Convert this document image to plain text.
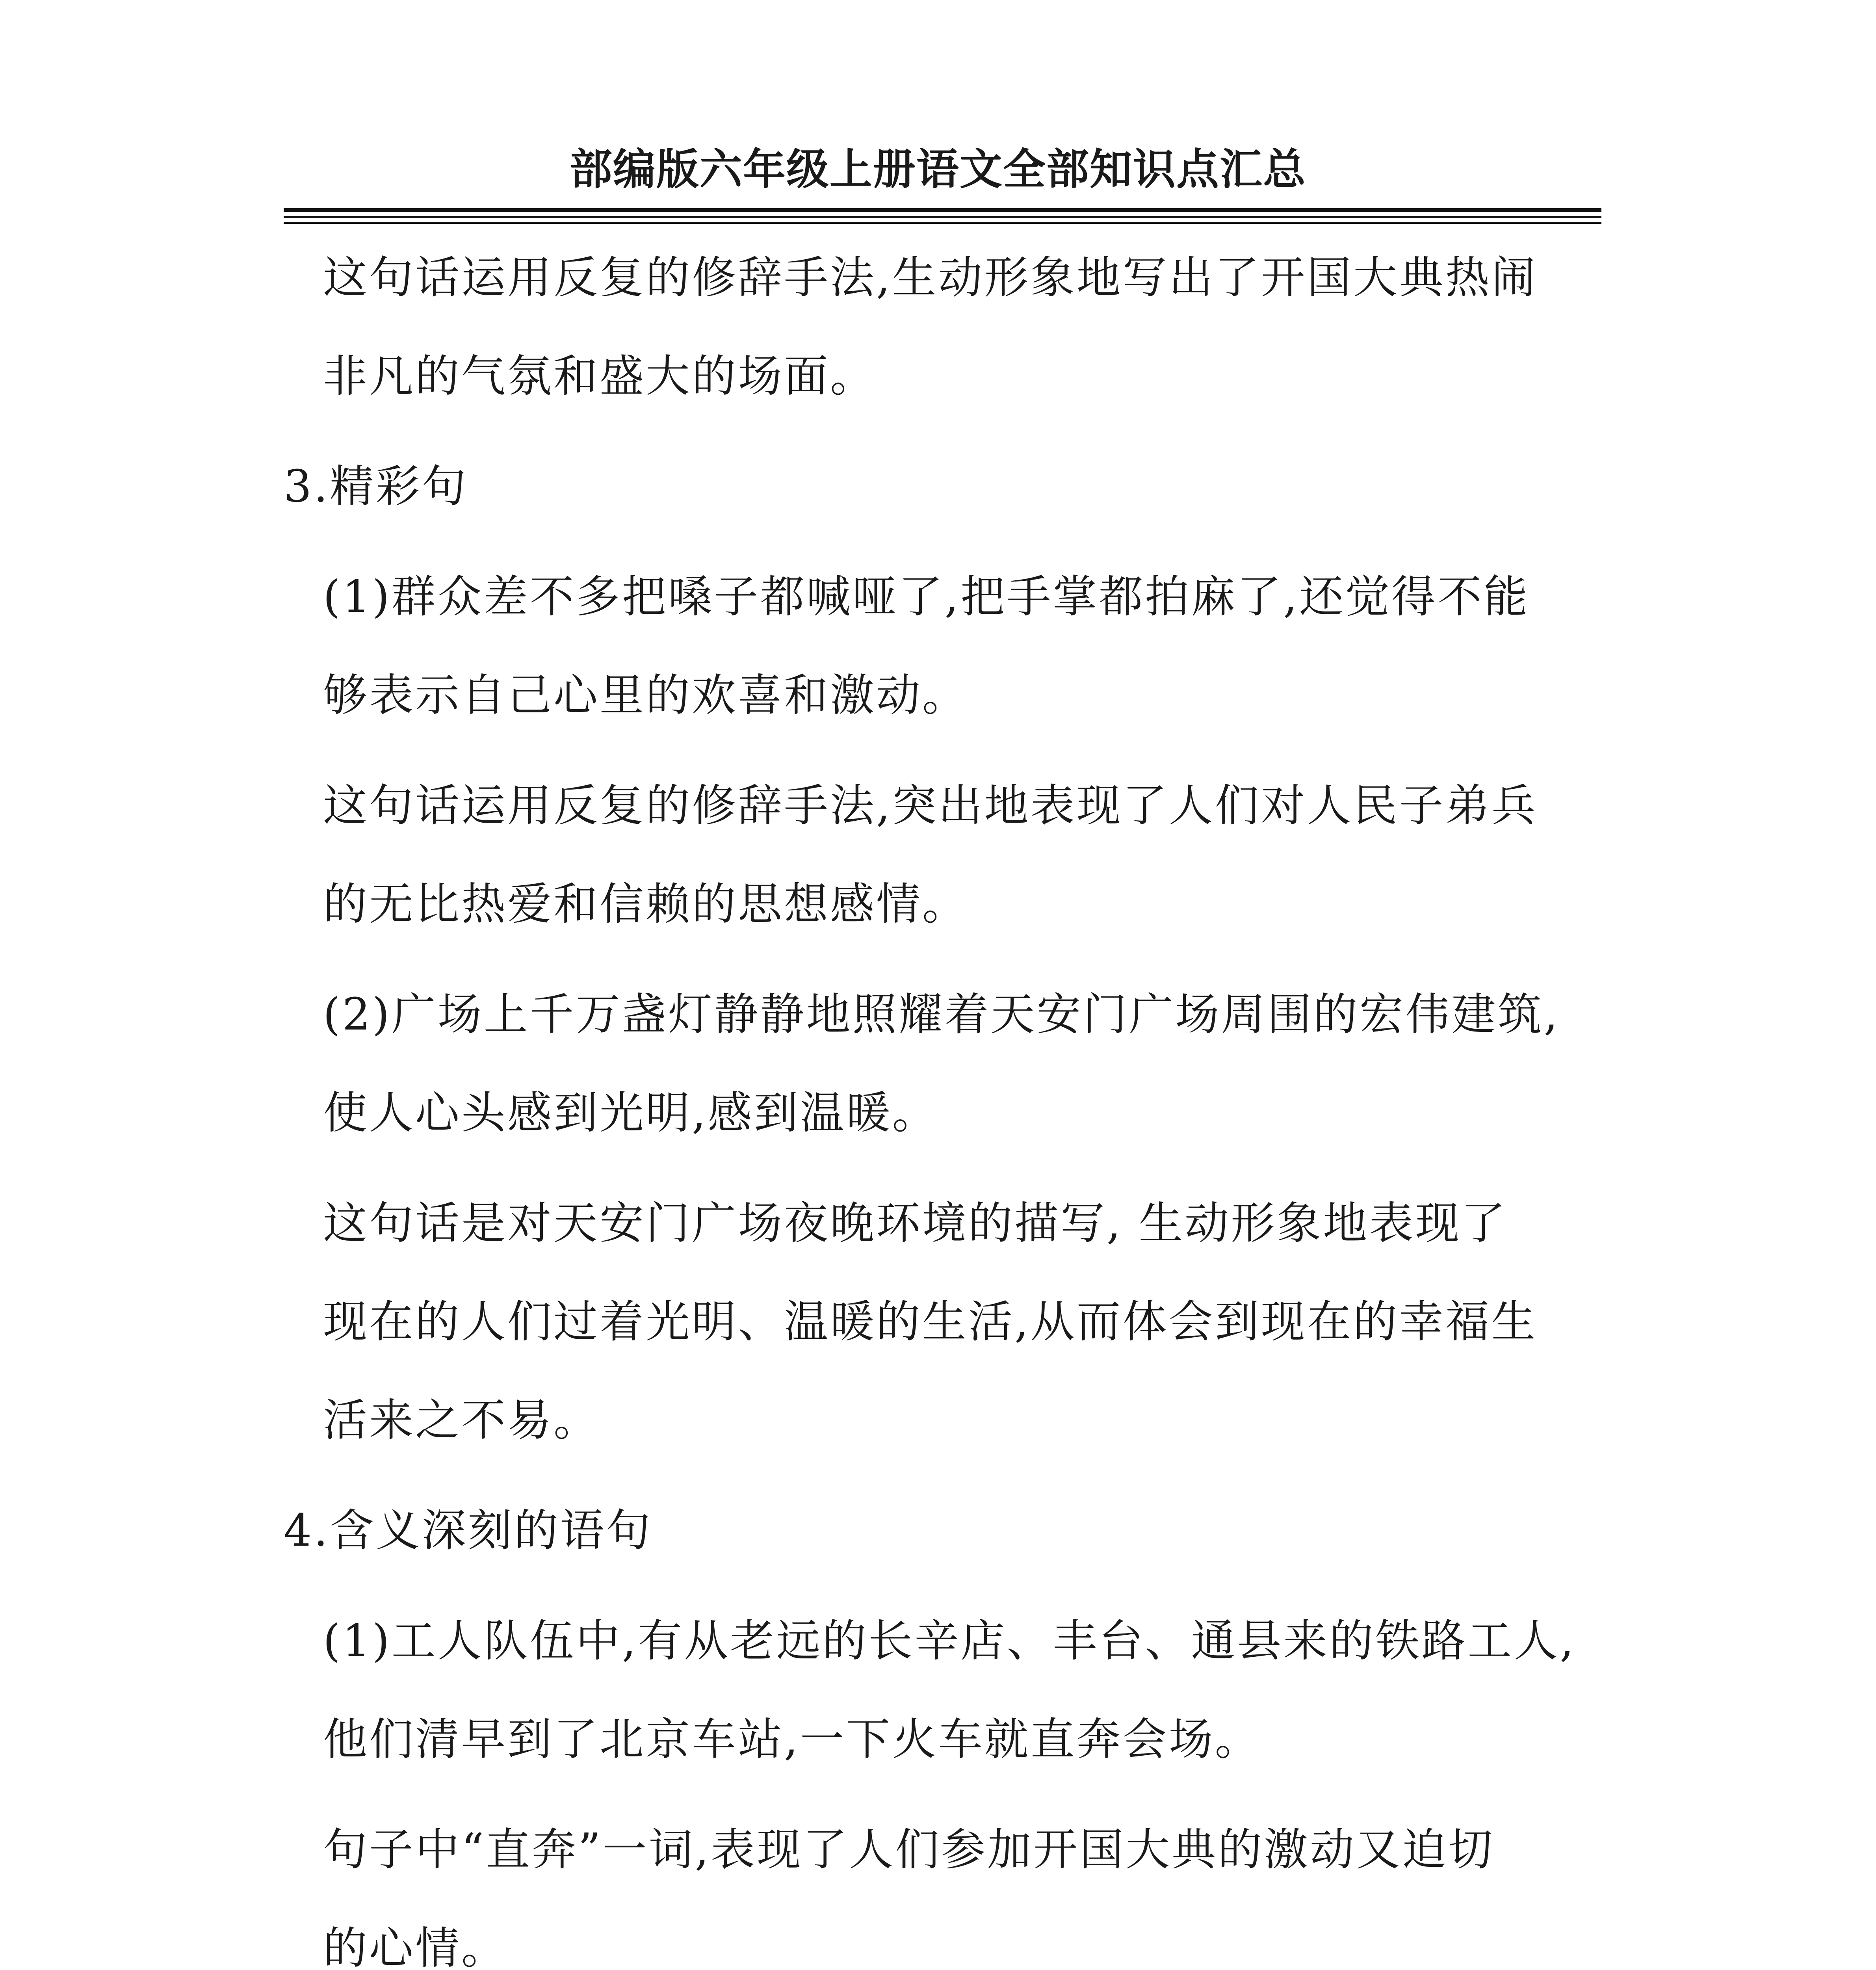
部编版六年级上册语文全部知识点汇总
这句话运用反复的修辞手法,生动形象地写出了开国大典热闹
非凡的气氛和盛大的场面。
3.精彩句
(1)群众差不多把嗓子都喊哑了,把手掌都拍麻了,还觉得不能
够表示自己心里的欢喜和激动。
这句话运用反复的修辞手法,突出地表现了人们对人民子弟兵
的无比热爱和信赖的思想感情。
(2)广场上千万盏灯静静地照耀着天安门广场周围的宏伟建筑,
使人心头感到光明,感到温暖。
这句话是对天安门广场夜晚环境的描写, 生动形象地表现了
现在的人们过着光明、温暖的生活,从而体会到现在的幸福生
活来之不易。
4.含义深刻的语句
(1)工人队伍中,有从老远的长辛店、丰台、通县来的铁路工人,
他们清早到了北京车站,一下火车就直奔会场。
句子中“直奔”一词,表现了人们参加开国大典的激动又迫切
的心情。
